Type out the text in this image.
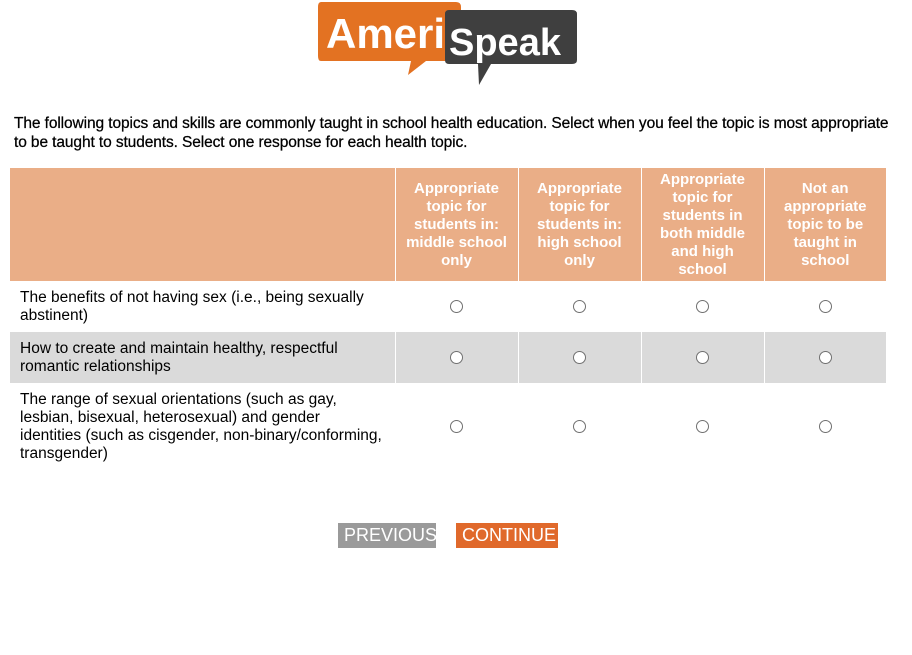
Ameri Speak
The following topics and skills are commonly taught in school health education. Select when you feel the topic is most appropriate to be taught to students. Select one response for each health topic.
	Appropriate topic for students in: middle school only	Appropriate topic for students in: high school only	Appropriate topic for students in both middle and high school	Not an appropriate topic to be taught in school
The benefits of not having sex (i.e., being sexually abstinent)				
How to create and maintain healthy, respectful romantic relationships				
The range of sexual orientations (such as gay, lesbian, bisexual, heterosexual) and gender identities (such as cisgender, non-binary/conforming, transgender)				
PREVIOUS	CONTINUE
